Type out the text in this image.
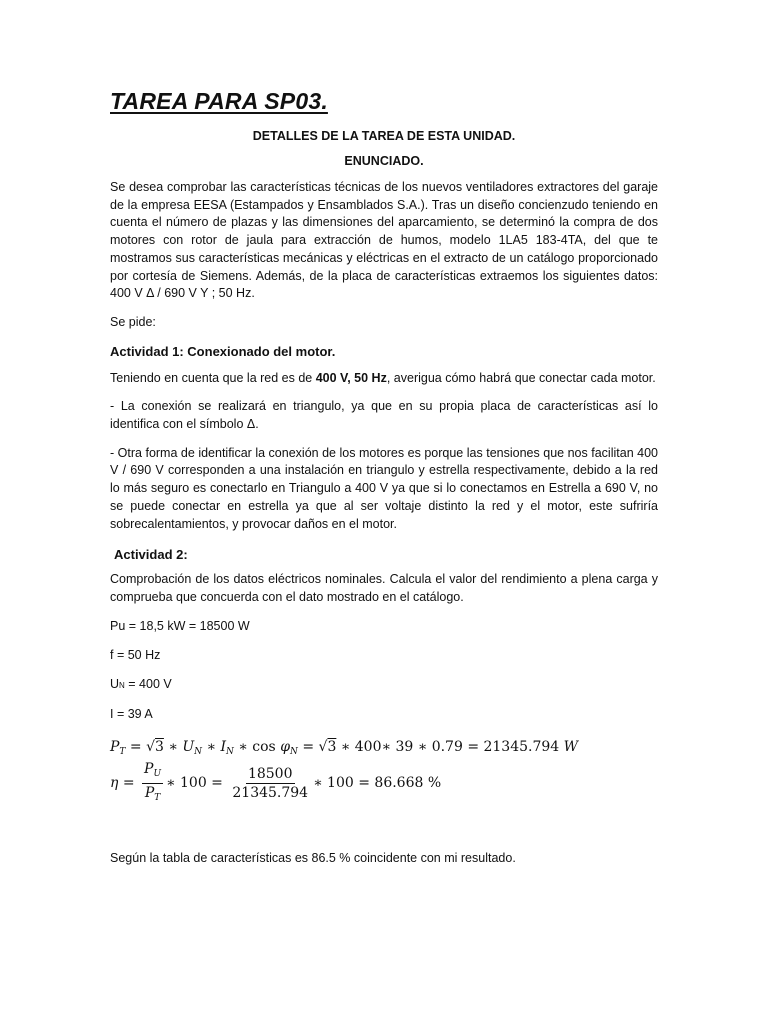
TAREA PARA SP03.
DETALLES DE LA TAREA DE ESTA UNIDAD.
ENUNCIADO.

Se desea comprobar las características técnicas de los nuevos ventiladores extractores del garaje de la empresa EESA (Estampados y Ensamblados S.A.). Tras un diseño concienzudo teniendo en cuenta el número de plazas y las dimensiones del aparcamiento, se determinó la compra de dos motores con rotor de jaula para extracción de humos, modelo 1LA5 183-4TA, del que te mostramos sus características mecánicas y eléctricas en el extracto de un catálogo proporcionado por cortesía de Siemens. Además, de la placa de características extraemos los siguientes datos: 400 V Δ / 690 V Y ; 50 Hz.

Se pide:

Actividad 1: Conexionado del motor.

Teniendo en cuenta que la red es de 400 V, 50 Hz, averigua cómo habrá que conectar cada motor.

- La conexión se realizará en triangulo, ya que en su propia placa de características así lo identifica con el símbolo Δ.

- Otra forma de identificar la conexión de los motores es porque las tensiones que nos facilitan 400 V / 690 V corresponden a una instalación en triangulo y estrella respectivamente, debido a la red lo más seguro es conectarlo en Triangulo a 400 V ya que si lo conectamos en Estrella a 690 V, no se puede conectar en estrella ya que al ser voltaje distinto la red y el motor, este sufriría sobrecalentamientos, y provocar daños en el motor.

Actividad 2:

Comprobación de los datos eléctricos nominales. Calcula el valor del rendimiento a plena carga y comprueba que concuerda con el dato mostrado en el catálogo.

Pu = 18,5 kW = 18500 W
f = 50 Hz
UN = 400 V
I = 39 A
$P_T = √3$ ∗ $U_N$ ∗ $I_N$ ∗ $\cos \varphi_N = √3$ ∗ 400∗ 39 ∗ 0.79 = 21345.794 W
$\eta = \frac{P_U}{P_T}$ ∗ $100 = \frac{18500}{21345.794}$ ∗ 100 = 86.668 %

Según la tabla de características es 86.5 % coincidente con mi resultado.
